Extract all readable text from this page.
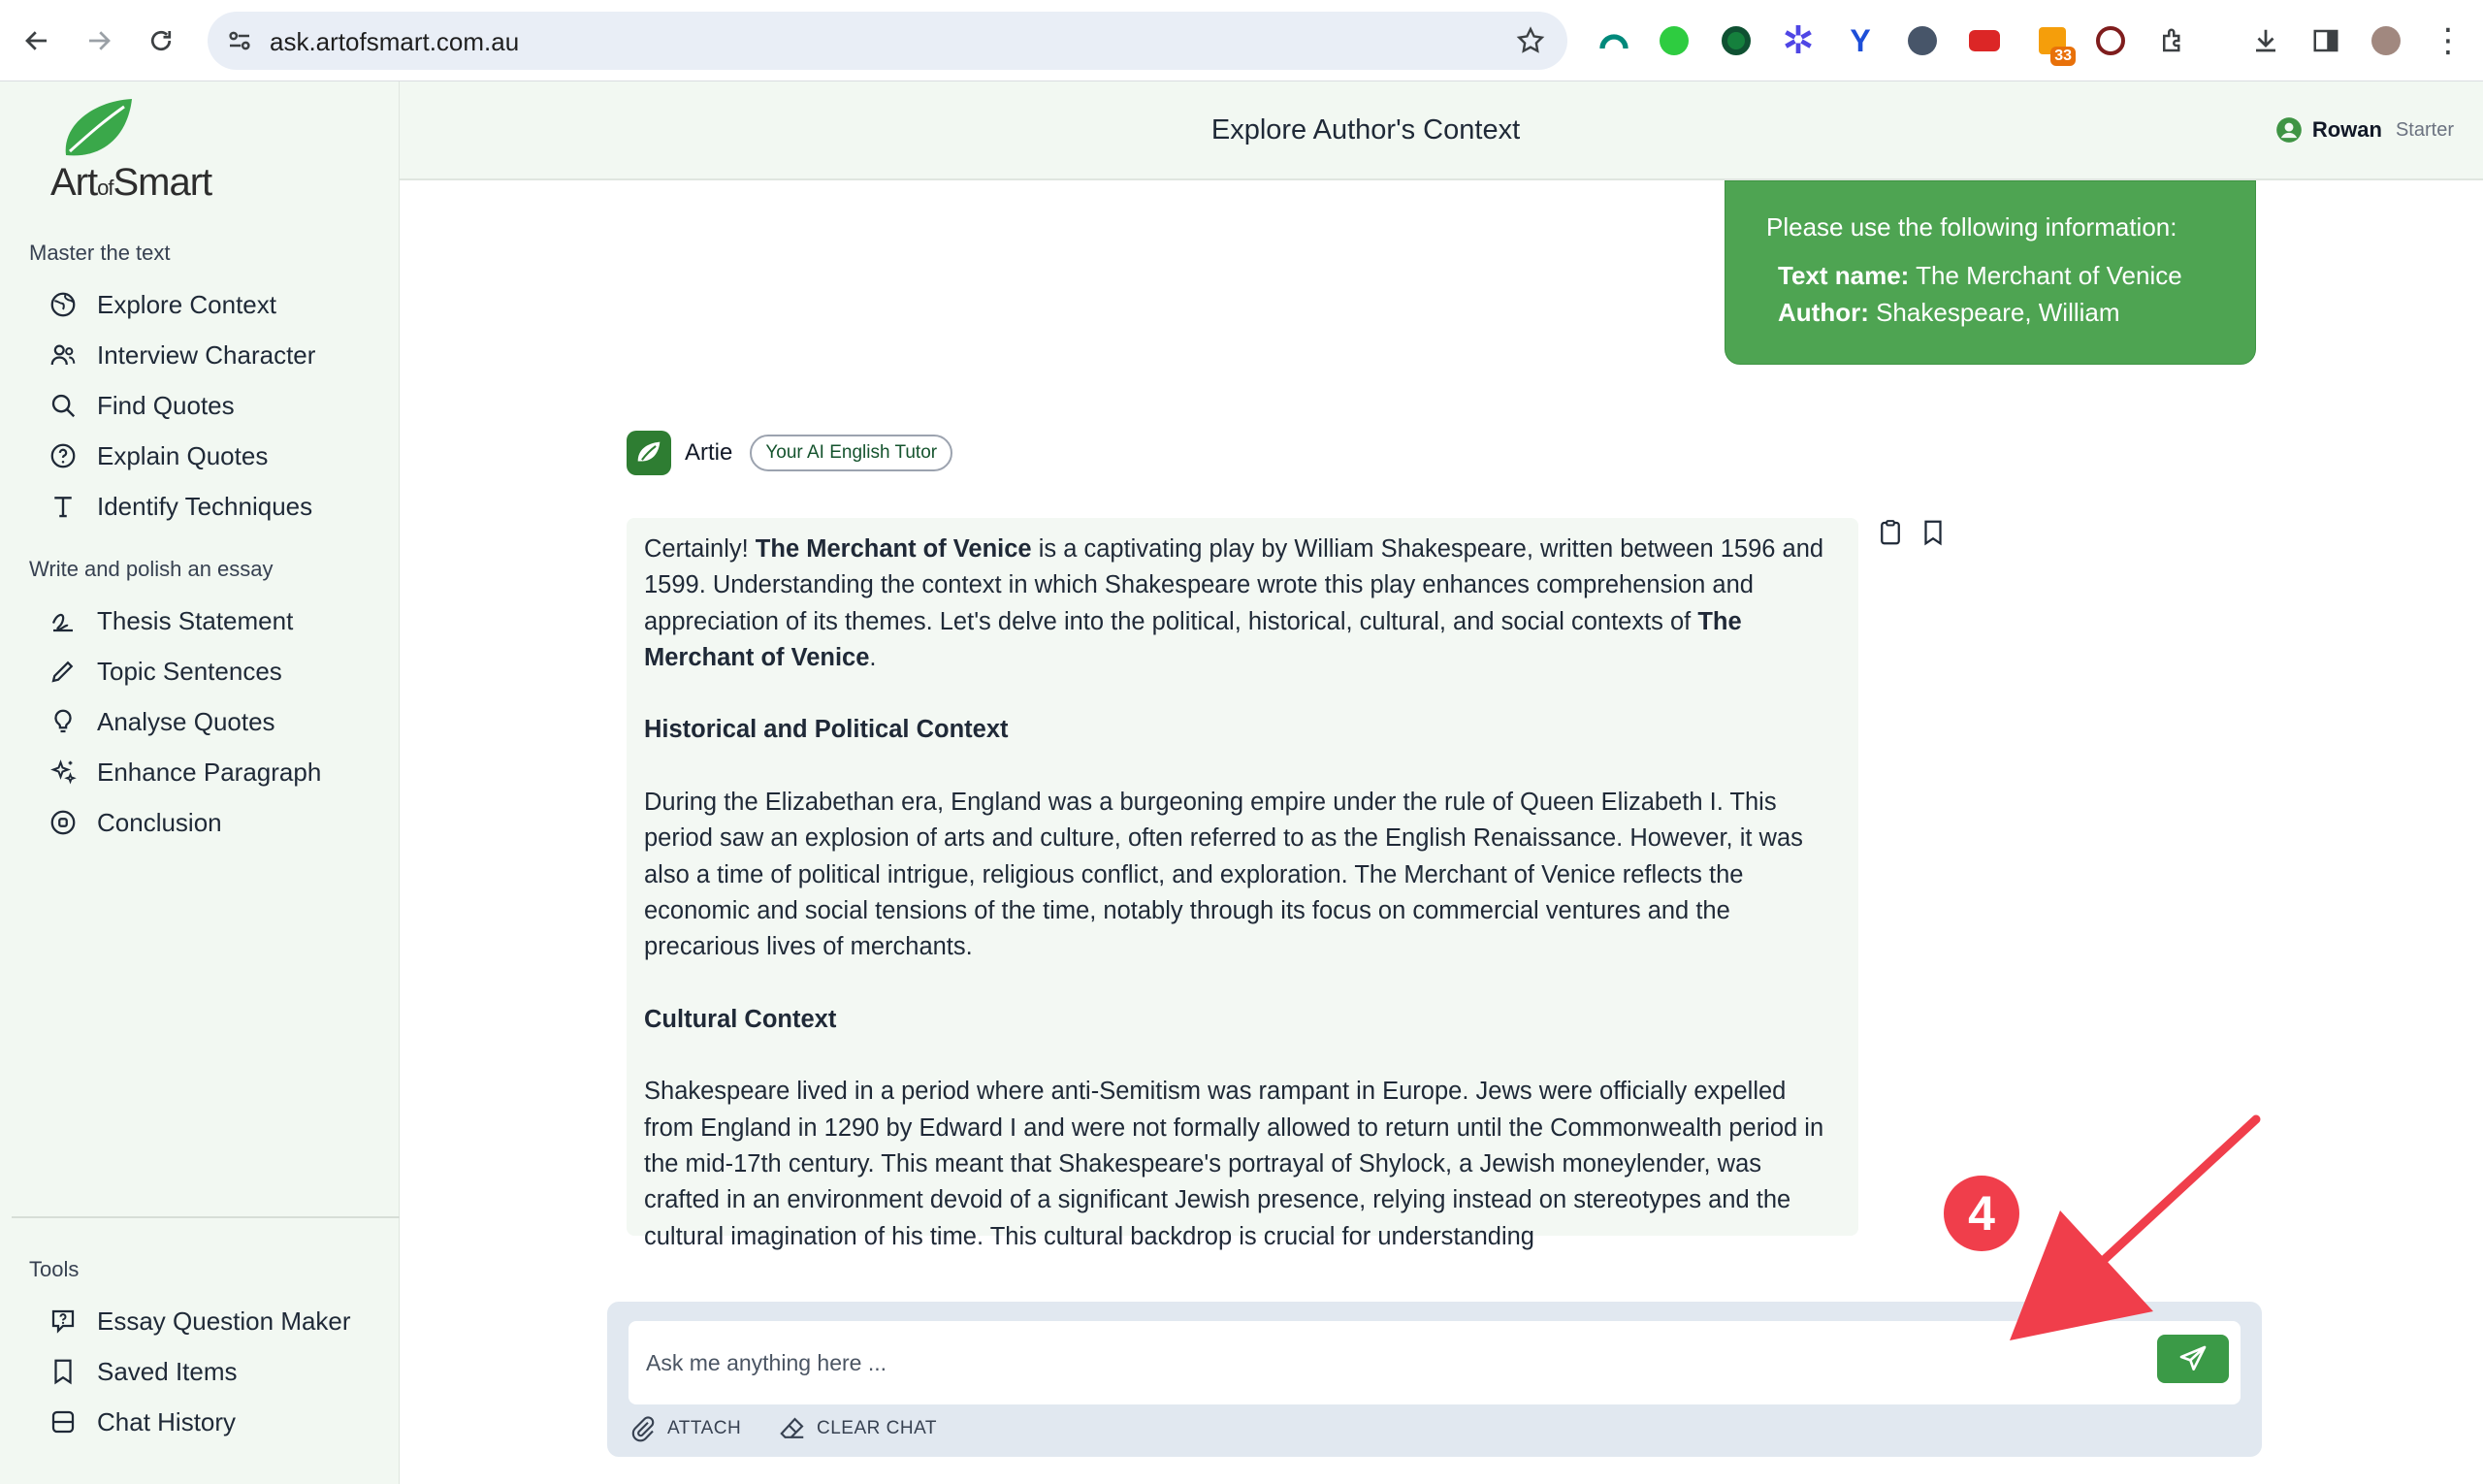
ask.artofsmart.com.au	✲ Y	33	⋮
ArtofSmart
Master the text
Explore Context
Interview Character
Find Quotes
Explain Quotes
Identify Techniques
Write and polish an essay
Thesis Statement
Topic Sentences
Analyse Quotes
Enhance Paragraph
Conclusion
Tools
Essay Question Maker
Saved Items
Chat History
Explore Author's Context	Rowan Starter
Please use the following information:
Text name: The Merchant of Venice
Author: Shakespeare, William
Artie	Your AI English Tutor

Certainly! The Merchant of Venice is a captivating play by William Shakespeare, written between 1596 and 1599. Understanding the context in which Shakespeare wrote this play enhances comprehension and appreciation of its themes. Let's delve into the political, historical, cultural, and social contexts of The Merchant of Venice.

Historical and Political Context

During the Elizabethan era, England was a burgeoning empire under the rule of Queen Elizabeth I. This period saw an explosion of arts and culture, often referred to as the English Renaissance. However, it was also a time of political intrigue, religious conflict, and exploration. The Merchant of Venice reflects the economic and social tensions of the time, notably through its focus on commercial ventures and the precarious lives of merchants.

Cultural Context

Shakespeare lived in a period where anti-Semitism was rampant in Europe. Jews were officially expelled from England in 1290 by Edward I and were not formally allowed to return until the Commonwealth period in the mid-17th century. This meant that Shakespeare's portrayal of Shylock, a Jewish moneylender, was crafted in an environment devoid of a significant Jewish presence, relying instead on stereotypes and the cultural imagination of his time. This cultural backdrop is crucial for understanding

Ask me anything here ...
ATTACH	CLEAR CHAT
4
